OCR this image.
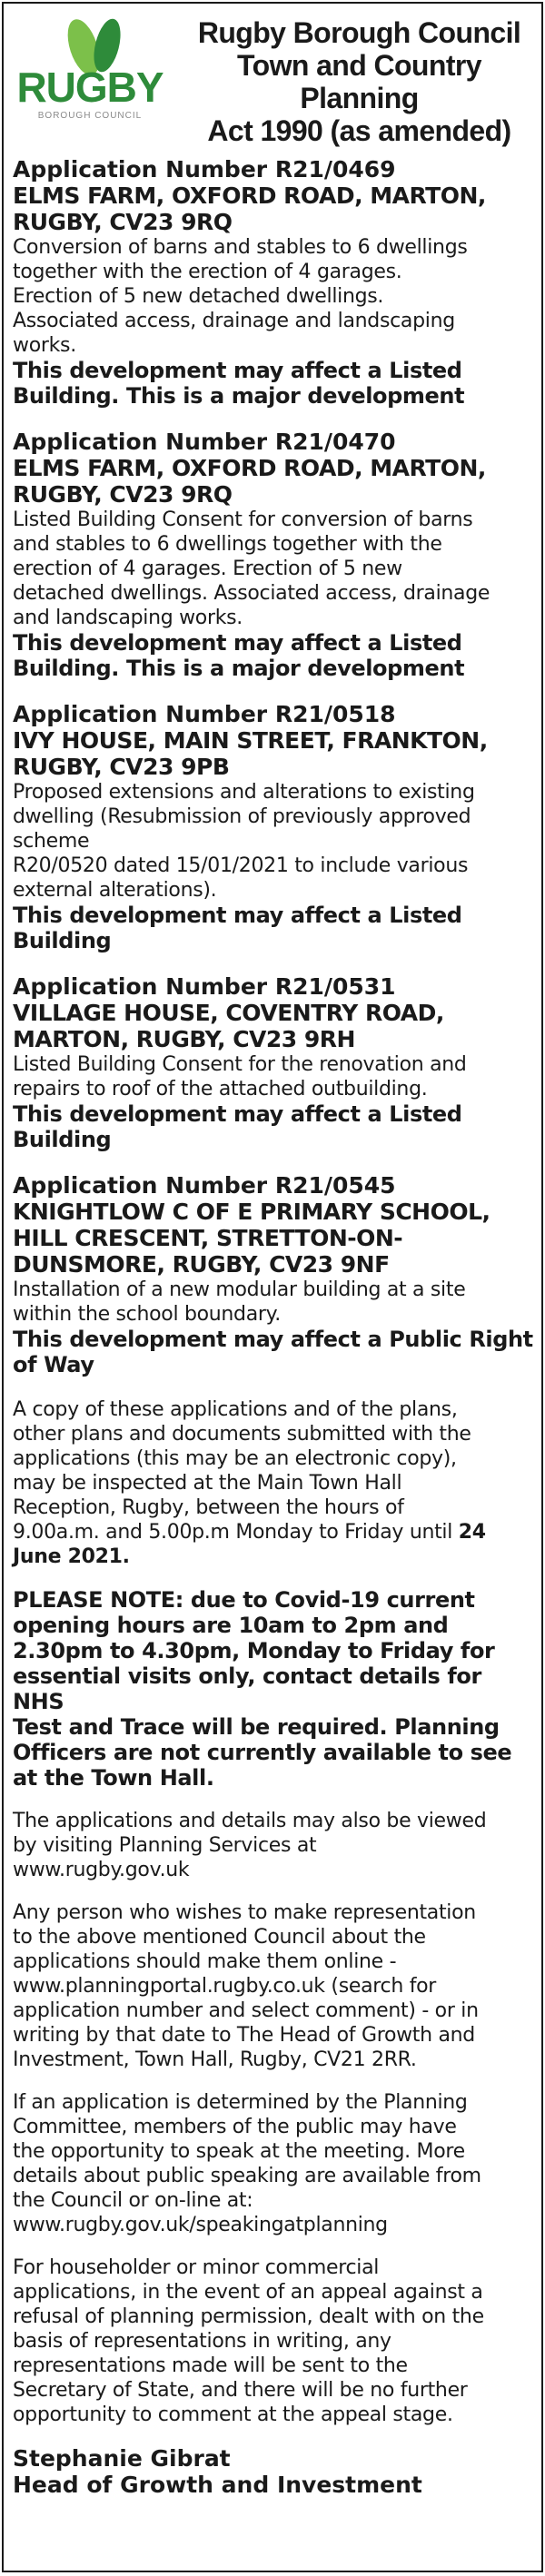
RUGBY
BOROUGH COUNCIL
Rugby Borough Council
Town and Country Planning
Act 1990 (as amended)
Application Number R21/0469
ELMS FARM, OXFORD ROAD, MARTON,
RUGBY, CV23 9RQ
Conversion of barns and stables to 6 dwellings
together with the erection of 4 garages.
Erection of 5 new detached dwellings.
Associated access, drainage and landscaping
works.
This development may affect a Listed
Building. This is a major development
Application Number R21/0470
ELMS FARM, OXFORD ROAD, MARTON,
RUGBY, CV23 9RQ
Listed Building Consent for conversion of barns
and stables to 6 dwellings together with the
erection of 4 garages. Erection of 5 new
detached dwellings. Associated access, drainage
and landscaping works.
This development may affect a Listed
Building. This is a major development
Application Number R21/0518
IVY HOUSE, MAIN STREET, FRANKTON,
RUGBY, CV23 9PB
Proposed extensions and alterations to existing
dwelling (Resubmission of previously approved
scheme
R20/0520 dated 15/01/2021 to include various
external alterations).
This development may affect a Listed
Building
Application Number R21/0531
VILLAGE HOUSE, COVENTRY ROAD,
MARTON, RUGBY, CV23 9RH
Listed Building Consent for the renovation and
repairs to roof of the attached outbuilding.
This development may affect a Listed
Building
Application Number R21/0545
KNIGHTLOW C OF E PRIMARY SCHOOL,
HILL CRESCENT, STRETTON-ON-
DUNSMORE, RUGBY, CV23 9NF
Installation of a new modular building at a site
within the school boundary.
This development may affect a Public Right
of Way
A copy of these applications and of the plans,
other plans and documents submitted with the
applications (this may be an electronic copy),
may be inspected at the Main Town Hall
Reception, Rugby, between the hours of
9.00a.m. and 5.00p.m Monday to Friday until 24
June 2021.
PLEASE NOTE: due to Covid-19 current
opening hours are 10am to 2pm and
2.30pm to 4.30pm, Monday to Friday for
essential visits only, contact details for NHS
Test and Trace will be required. Planning
Officers are not currently available to see
at the Town Hall.
The applications and details may also be viewed
by visiting Planning Services at
www.rugby.gov.uk
Any person who wishes to make representation
to the above mentioned Council about the
applications should make them online -
www.planningportal.rugby.co.uk (search for
application number and select comment) - or in
writing by that date to The Head of Growth and
Investment, Town Hall, Rugby, CV21 2RR.
If an application is determined by the Planning
Committee, members of the public may have
the opportunity to speak at the meeting. More
details about public speaking are available from
the Council or on-line at:
www.rugby.gov.uk/speakingatplanning
For householder or minor commercial
applications, in the event of an appeal against a
refusal of planning permission, dealt with on the
basis of representations in writing, any
representations made will be sent to the
Secretary of State, and there will be no further
opportunity to comment at the appeal stage.
Stephanie Gibrat
Head of Growth and Investment
